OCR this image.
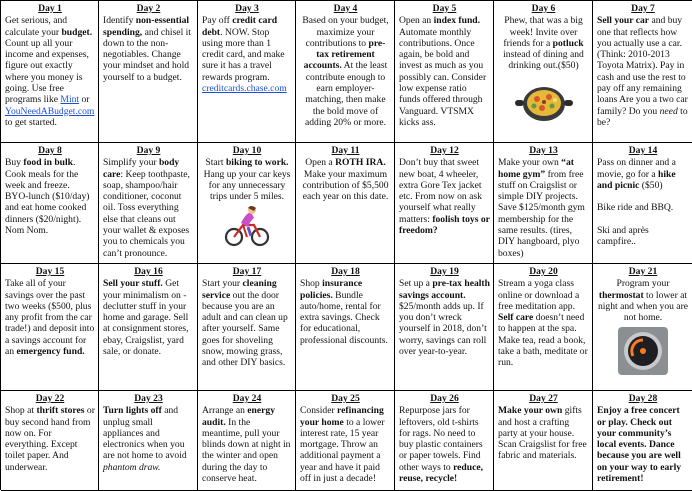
Day 1
Get serious, and calculate your budget. Count up all your income and expenses, figure out exactly where you money is going. Use free programs like Mint or YouNeedABudget.com to get started.
Day 2
Identify non-essential spending, and chisel it down to the non-negotiables. Change your mindset and hold yourself to a budget.
Day 3
Pay off credit card debt. NOW. Stop using more than 1 credit card, and make sure it has a travel rewards program. creditcards.chase.com
Day 4
Based on your budget, maximize your contributions to pre-tax retirement accounts. At the least contribute enough to earn employer-matching, then make the bold move of adding 20% or more.
Day 5
Open an index fund. Automate monthly contributions. Once again, be bold and invest as much as you possibly can. Consider low expense ratio funds offered through Vanguard. VTSMX kicks ass.
Day 6
Phew, that was a big week! Invite over friends for a potluck instead of dining and drinking out.($50)
Day 7
Sell your car and buy one that reflects how you actually use a car. (Think: 2010-2013 Toyota Matrix). Pay in cash and use the rest to pay off any remaining loans Are you a two car family? Do you need to be?
Day 8
Buy food in bulk. Cook meals for the week and freeze. BYO-lunch ($10/day) and eat home cooked dinners ($20/night). Nom Nom.
Day 9
Simplify your body care: Keep toothpaste, soap, shampoo/hair conditioner, coconut oil. Toss everything else that cleans out your wallet & exposes you to chemicals you can’t pronounce.
Day 10
Start biking to work. Hang up your car keys for any unnecessary trips under 5 miles.
Day 11
Open a ROTH IRA. Make your maximum contribution of $5,500 each year on this date.
Day 12
Don’t buy that sweet new boat, 4 wheeler, extra Gore Tex jacket etc. From now on ask yourself what really matters: foolish toys or freedom?
Day 13
Make your own “at home gym” from free stuff on Craigslist or simple DIY projects. Save $125/month gym membership for the same results. (tires, DIY hangboard, plyo boxes)
Day 14
Pass on dinner and a movie, go for a hike and picnic ($50)

Bike ride and BBQ.

Ski and après campfire..
Day 15
Take all of your savings over the past two weeks ($500, plus any profit from the car trade!) and deposit into a savings account for an emergency fund.
Day 16
Sell your stuff. Get your minimalism on - declutter stuff in your home and garage. Sell at consignment stores, ebay, Craigslist, yard sale, or donate.
Day 17
Start your cleaning service out the door because you are an adult and can clean up after yourself. Same goes for shoveling snow, mowing grass, and other DIY basics.
Day 18
Shop insurance policies. Bundle auto/home, rental for extra savings. Check for educational, professional discounts.
Day 19
Set up a pre-tax health savings account. $25/month adds up. If you don’t wreck yourself in 2018, don’t worry, savings can roll over year-to-year.
Day 20
Stream a yoga class online or download a free meditation app. Self care doesn’t need to happen at the spa. Make tea, read a book, take a bath, meditate or run.
Day 21
Program your thermostat to lower at night and when you are not home.
Day 22
Shop at thrift stores or buy second hand from now on. For everything. Except toilet paper. And underwear.
Day 23
Turn lights off and unplug small appliances and electronics when you are not home to avoid phantom draw.
Day 24
Arrange an energy audit. In the meantime, pull your blinds down at night in the winter and open during the day to conserve heat.
Day 25
Consider refinancing your home to a lower interest rate, 15 year mortgage. Throw an additional payment a year and have it paid off in just a decade!
Day 26
Repurpose jars for leftovers, old t-shirts for rags. No need to buy plastic containers or paper towels. Find other ways to reduce, reuse, recycle!
Day 27
Make your own gifts and host a crafting party at your house. Scan Craigslist for free fabric and materials.
Day 28
Enjoy a free concert or play. Check out your community’s local events. Dance because you are well on your way to early retirement!
